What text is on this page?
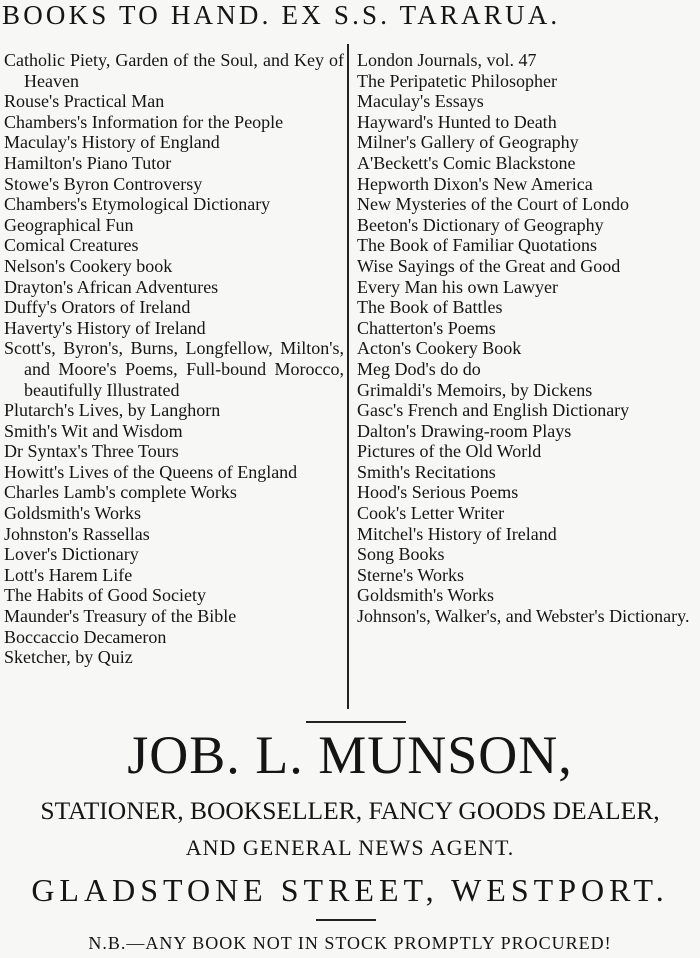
BOOKS TO HAND. EX S.S. TARARUA.
Catholic Piety, Garden of the Soul, and Key of Heaven
Rouse's Practical Man
Chambers's Information for the People
Maculay's History of England
Hamilton's Piano Tutor
Stowe's Byron Controversy
Chambers's Etymological Dictionary
Geographical Fun
Comical Creatures
Nelson's Cookery book
Drayton's African Adventures
Duffy's Orators of Ireland
Haverty's History of Ireland
Scott's, Byron's, Burns, Longfellow, Milton's, and Moore's Poems, Full-bound Morocco, beautifully Illustrated
Plutarch's Lives, by Langhorn
Smith's Wit and Wisdom
Dr Syntax's Three Tours
Howitt's Lives of the Queens of England
Charles Lamb's complete Works
Goldsmith's Works
Johnston's Rassellas
Lover's Dictionary
Lott's Harem Life
The Habits of Good Society
Maunder's Treasury of the Bible
Boccaccio Decameron
Sketcher, by Quiz
London Journals, vol. 47
The Peripatetic Philosopher
Maculay's Essays
Hayward's Hunted to Death
Milner's Gallery of Geography
A'Beckett's Comic Blackstone
Hepworth Dixon's New America
New Mysteries of the Court of Londo
Beeton's Dictionary of Geography
The Book of Familiar Quotations
Wise Sayings of the Great and Good
Every Man his own Lawyer
The Book of Battles
Chatterton's Poems
Acton's Cookery Book
Meg Dod's do do
Grimaldi's Memoirs, by Dickens
Gasc's French and English Dictionary
Dalton's Drawing-room Plays
Pictures of the Old World
Smith's Recitations
Hood's Serious Poems
Cook's Letter Writer
Mitchel's History of Ireland
Song Books
Sterne's Works
Goldsmith's Works
Johnson's, Walker's, and Webster's Dictionary.
JOB. L. MUNSON,
STATIONER, BOOKSELLER, FANCY GOODS DEALER,
AND GENERAL NEWS AGENT.
GLADSTONE STREET, WESTPORT.
N.B.—ANY BOOK NOT IN STOCK PROMPTLY PROCURED!
